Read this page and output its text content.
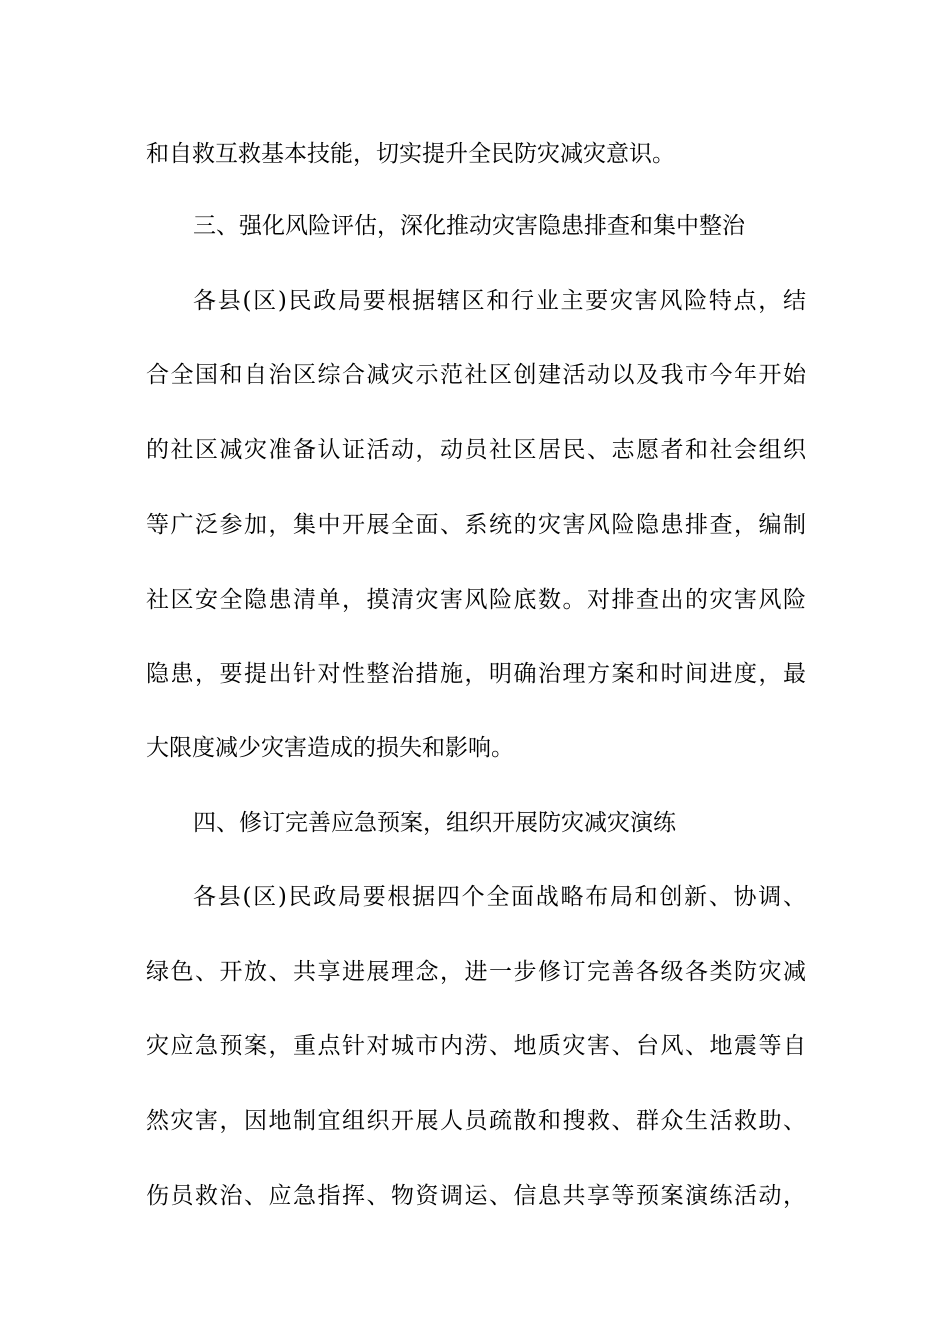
和自救互救基本技能，切实提升全民防灾减灾意识。
三、强化风险评估，深化推动灾害隐患排查和集中整治
各县(区)民政局要根据辖区和行业主要灾害风险特点，结
合全国和自治区综合减灾示范社区创建活动以及我市今年开始
的社区减灾准备认证活动，动员社区居民、志愿者和社会组织
等广泛参加，集中开展全面、系统的灾害风险隐患排查，编制
社区安全隐患清单，摸清灾害风险底数。对排查出的灾害风险
隐患，要提出针对性整治措施，明确治理方案和时间进度，最
大限度减少灾害造成的损失和影响。
四、修订完善应急预案，组织开展防灾减灾演练
各县(区)民政局要根据四个全面战略布局和创新、协调、
绿色、开放、共享进展理念，进一步修订完善各级各类防灾减
灾应急预案，重点针对城市内涝、地质灾害、台风、地震等自
然灾害，因地制宜组织开展人员疏散和搜救、群众生活救助、
伤员救治、应急指挥、物资调运、信息共享等预案演练活动，
